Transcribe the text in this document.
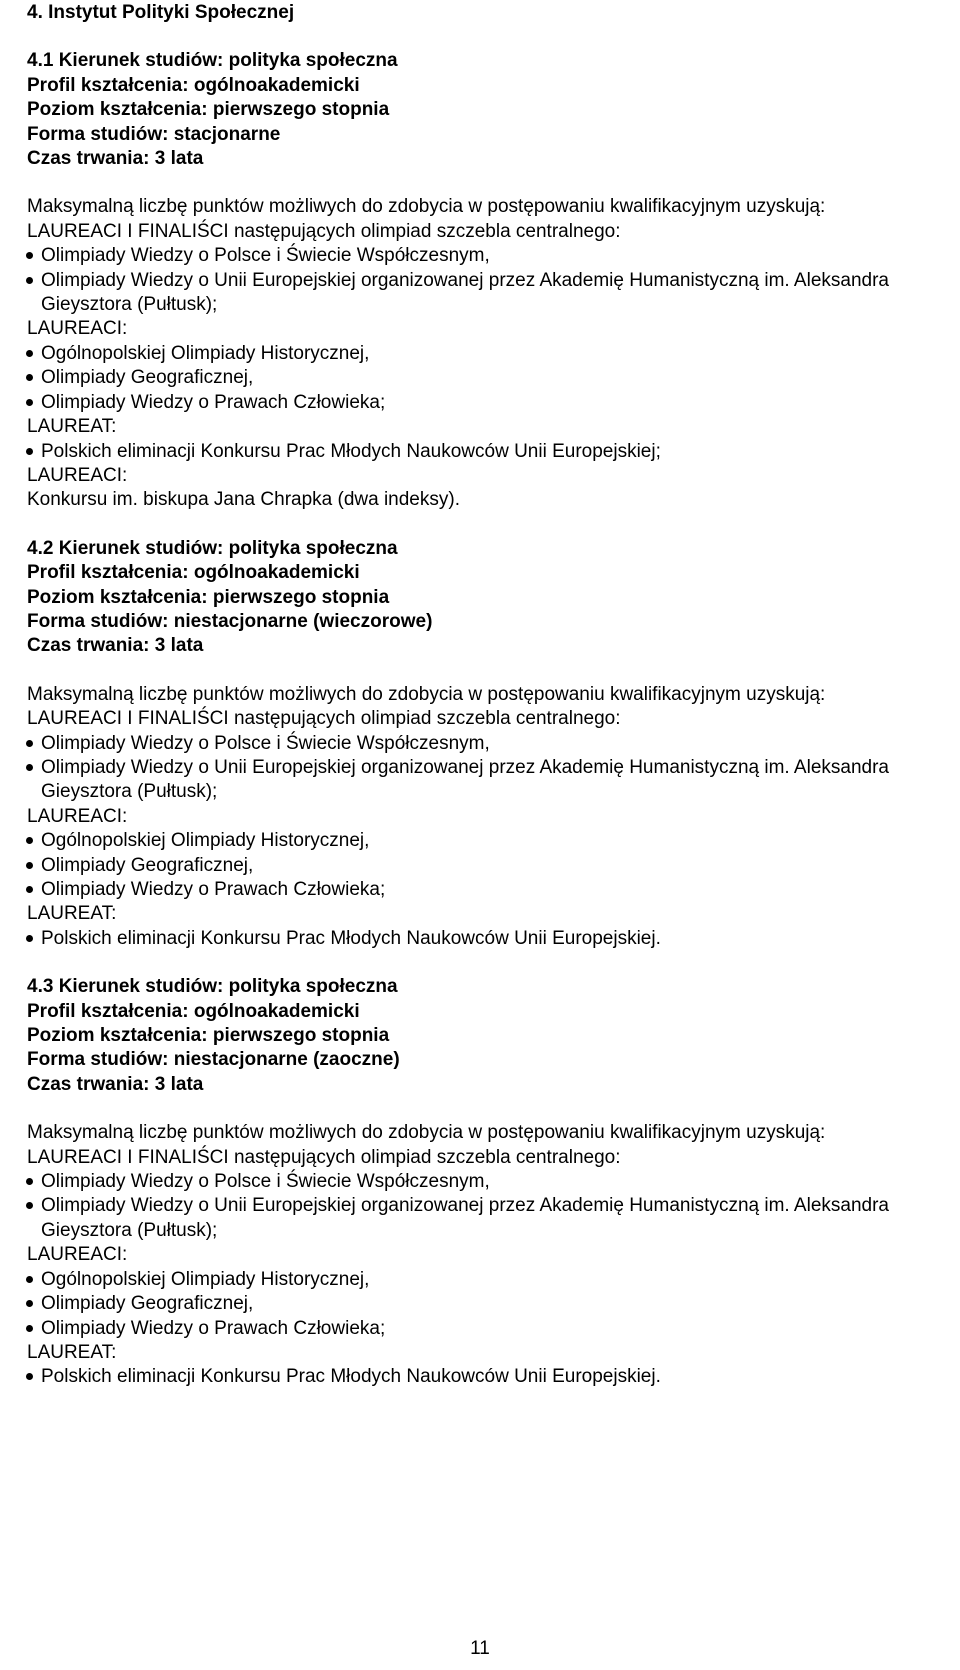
4. Instytut Polityki Społecznej

4.1 Kierunek studiów: polityka społeczna

Profil kształcenia: ogólnoakademicki

Poziom kształcenia: pierwszego stopnia

Forma studiów: stacjonarne

Czas trwania: 3 lata

Maksymalną liczbę punktów możliwych do zdobycia w postępowaniu kwalifikacyjnym uzyskują:

LAUREACI I FINALIŚCI następujących olimpiad szczebla centralnego:

Olimpiady Wiedzy o Polsce i Świecie Współczesnym,
Olimpiady Wiedzy o Unii Europejskiej organizowanej przez Akademię Humanistyczną im. Aleksandra Gieysztora (Pułtusk);

LAUREACI:

Ogólnopolskiej Olimpiady Historycznej,
Olimpiady Geograficznej,
Olimpiady Wiedzy o Prawach Człowieka;

LAUREAT:

Polskich eliminacji Konkursu Prac Młodych Naukowców Unii Europejskiej;

LAUREACI:

Konkursu im. biskupa Jana Chrapka (dwa indeksy).

4.2 Kierunek studiów: polityka społeczna

Profil kształcenia: ogólnoakademicki

Poziom kształcenia: pierwszego stopnia

Forma studiów: niestacjonarne (wieczorowe)

Czas trwania: 3 lata

Maksymalną liczbę punktów możliwych do zdobycia w postępowaniu kwalifikacyjnym uzyskują:

LAUREACI I FINALIŚCI następujących olimpiad szczebla centralnego:

Olimpiady Wiedzy o Polsce i Świecie Współczesnym,
Olimpiady Wiedzy o Unii Europejskiej organizowanej przez Akademię Humanistyczną im. Aleksandra Gieysztora (Pułtusk);

LAUREACI:

Ogólnopolskiej Olimpiady Historycznej,
Olimpiady Geograficznej,
Olimpiady Wiedzy o Prawach Człowieka;

LAUREAT:

Polskich eliminacji Konkursu Prac Młodych Naukowców Unii Europejskiej.

4.3 Kierunek studiów: polityka społeczna

Profil kształcenia: ogólnoakademicki

Poziom kształcenia: pierwszego stopnia

Forma studiów: niestacjonarne (zaoczne)

Czas trwania: 3 lata

Maksymalną liczbę punktów możliwych do zdobycia w postępowaniu kwalifikacyjnym uzyskują:

LAUREACI I FINALIŚCI następujących olimpiad szczebla centralnego:

Olimpiady Wiedzy o Polsce i Świecie Współczesnym,
Olimpiady Wiedzy o Unii Europejskiej organizowanej przez Akademię Humanistyczną im. Aleksandra Gieysztora (Pułtusk);

LAUREACI:

Ogólnopolskiej Olimpiady Historycznej,
Olimpiady Geograficznej,
Olimpiady Wiedzy o Prawach Człowieka;

LAUREAT:

Polskich eliminacji Konkursu Prac Młodych Naukowców Unii Europejskiej.
11
